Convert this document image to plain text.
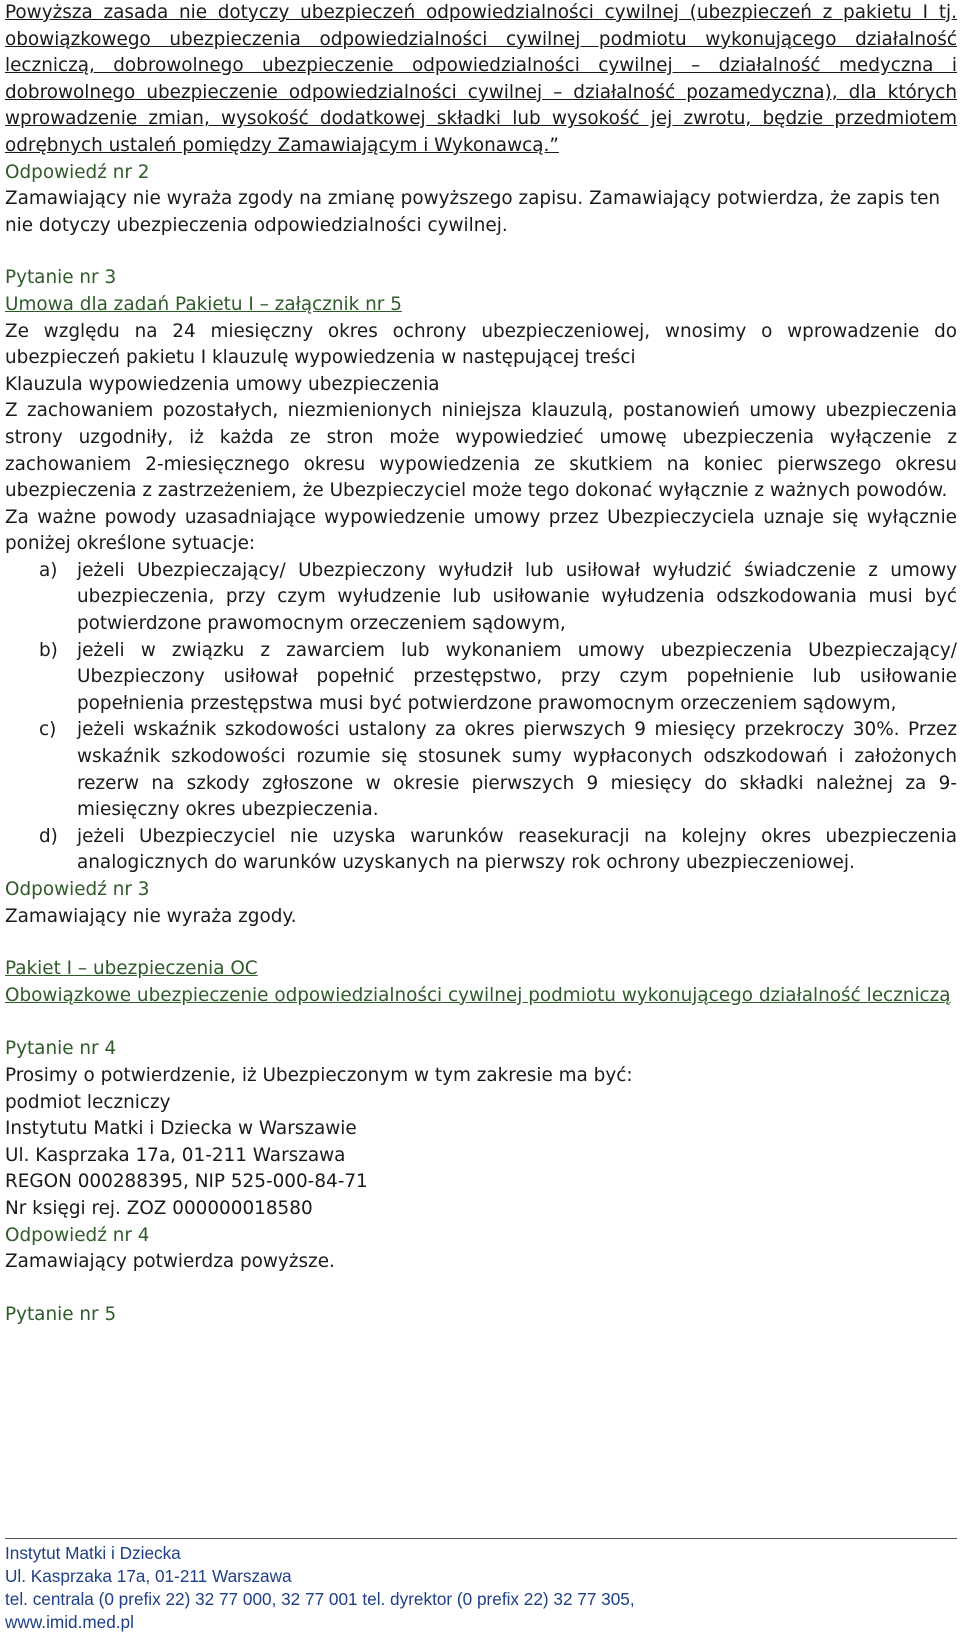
Powyższa zasada nie dotyczy ubezpieczeń odpowiedzialności cywilnej (ubezpieczeń z pakietu I tj. obowiązkowego ubezpieczenia odpowiedzialności cywilnej podmiotu wykonującego działalność leczniczą, dobrowolnego ubezpieczenie odpowiedzialności cywilnej – działalność medyczna i dobrowolnego ubezpieczenie odpowiedzialności cywilnej – działalność pozamedyczna), dla których wprowadzenie zmian, wysokość dodatkowej składki lub wysokość jej zwrotu, będzie przedmiotem odrębnych ustaleń pomiędzy Zamawiającym i Wykonawcą.”

Odpowiedź nr 2

Zamawiający nie wyraża zgody na zmianę powyższego zapisu. Zamawiający potwierdza, że zapis ten nie dotyczy ubezpieczenia odpowiedzialności cywilnej.

Pytanie nr 3

Umowa dla zadań Pakietu I – załącznik nr 5

Ze względu na 24 miesięczny okres ochrony ubezpieczeniowej, wnosimy o wprowadzenie do ubezpieczeń pakietu I klauzulę wypowiedzenia w następującej treści

Klauzula wypowiedzenia umowy ubezpieczenia

Z zachowaniem pozostałych, niezmienionych niniejsza klauzulą, postanowień umowy ubezpieczenia strony uzgodniły, iż każda ze stron może wypowiedzieć umowę ubezpieczenia wyłączenie z zachowaniem 2-miesięcznego okresu wypowiedzenia ze skutkiem na koniec pierwszego okresu ubezpieczenia z zastrzeżeniem, że Ubezpieczyciel może tego dokonać wyłącznie z ważnych powodów.

Za ważne powody uzasadniające wypowiedzenie umowy przez Ubezpieczyciela uznaje się wyłącznie poniżej określone sytuacje:

a) jeżeli Ubezpieczający/ Ubezpieczony wyłudził lub usiłował wyłudzić świadczenie z umowy ubezpieczenia, przy czym wyłudzenie lub usiłowanie wyłudzenia odszkodowania musi być potwierdzone prawomocnym orzeczeniem sądowym,
b) jeżeli w związku z zawarciem lub wykonaniem umowy ubezpieczenia Ubezpieczający/ Ubezpieczony usiłował popełnić przestępstwo, przy czym popełnienie lub usiłowanie popełnienia przestępstwa musi być potwierdzone prawomocnym orzeczeniem sądowym,
c) jeżeli wskaźnik szkodowości ustalony za okres pierwszych 9 miesięcy przekroczy 30%. Przez wskaźnik szkodowości rozumie się stosunek sumy wypłaconych odszkodowań i założonych rezerw na szkody zgłoszone w okresie pierwszych 9 miesięcy do składki należnej za 9-miesięczny okres ubezpieczenia.
d) jeżeli Ubezpieczyciel nie uzyska warunków reasekuracji na kolejny okres ubezpieczenia analogicznych do warunków uzyskanych na pierwszy rok ochrony ubezpieczeniowej.

Odpowiedź nr 3

Zamawiający nie wyraża zgody.

Pakiet I – ubezpieczenia OC

Obowiązkowe ubezpieczenie odpowiedzialności cywilnej podmiotu wykonującego działalność leczniczą

Pytanie nr 4

Prosimy o potwierdzenie, iż Ubezpieczonym w tym zakresie ma być:

podmiot leczniczy

Instytutu Matki i Dziecka w Warszawie

Ul. Kasprzaka 17a, 01-211 Warszawa

REGON 000288395, NIP 525-000-84-71

Nr księgi rej. ZOZ 000000018580

Odpowiedź nr 4

Zamawiający potwierdza powyższe.

Pytanie nr 5

Instytut Matki i Dziecka
Ul. Kasprzaka 17a, 01-211 Warszawa
tel. centrala (0 prefix 22) 32 77 000, 32 77 001 tel. dyrektor (0 prefix 22) 32 77 305,
www.imid.med.pl
